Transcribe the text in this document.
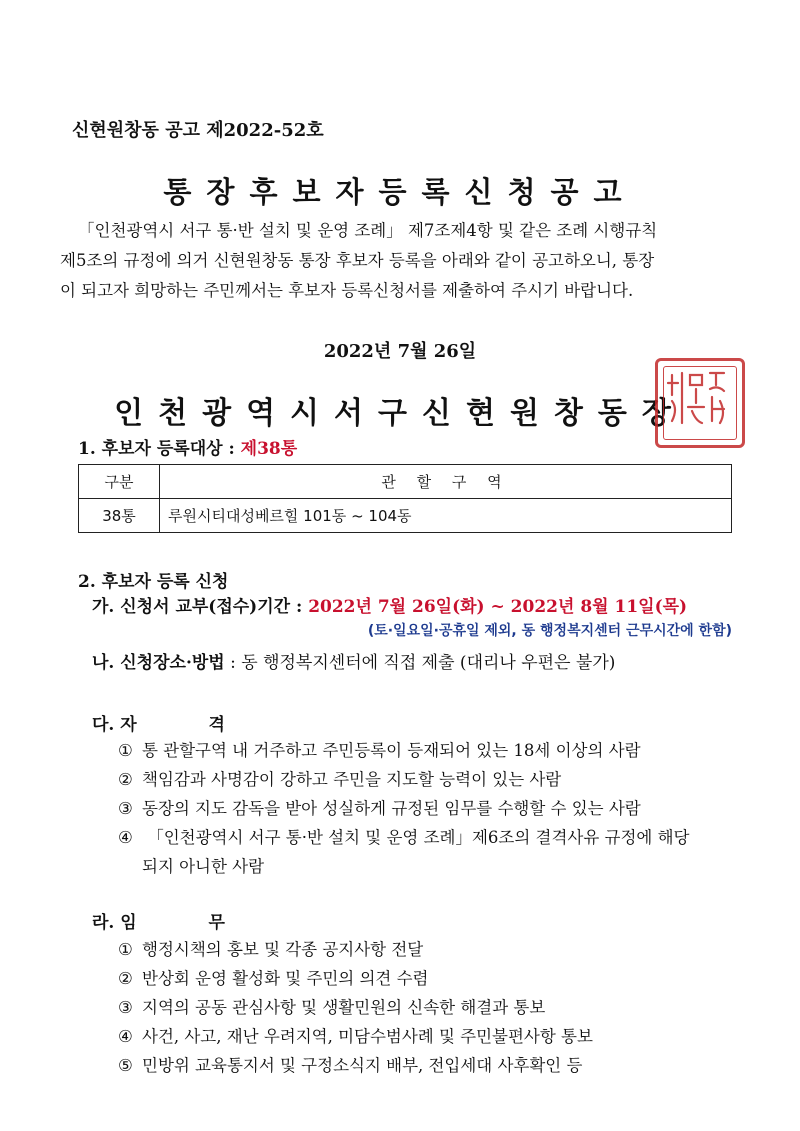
신현원창동 공고 제2022-52호
통장후보자등록신청공고
「인천광역시 서구 통·반 설치 및 운영 조례」 제7조제4항 및 같은 조례 시행규칙
제5조의 규정에 의거 신현원창동 통장 후보자 등록을 아래와 같이 공고하오니, 통장
이 되고자 희망하는 주민께서는 후보자 등록신청서를 제출하여 주시기 바랍니다.
2022년 7월 26일
인천광역시서구신현원창동장
1. 후보자 등록대상 : 제38통
구분	관 할 구 역
38통	루원시티대성베르힐 101동 ~ 104동
2. 후보자 등록 신청
가. 신청서 교부(접수)기간 : 2022년 7월 26일(화) ~ 2022년 8월 11일(목)
(토·일요일·공휴일 제외, 동 행정복지센터 근무시간에 한함)
나. 신청장소·방법 : 동 행정복지센터에 직접 제출 (대리나 우편은 불가)
다. 자	격
① 통 관할구역 내 거주하고 주민등록이 등재되어 있는 18세 이상의 사람
② 책임감과 사명감이 강하고 주민을 지도할 능력이 있는 사람
③ 동장의 지도 감독을 받아 성실하게 규정된 임무를 수행할 수 있는 사람
④ 「인천광역시 서구 통·반 설치 및 운영 조례」제6조의 결격사유 규정에 해당
되지 아니한 사람
라. 임	무
① 행정시책의 홍보 및 각종 공지사항 전달
② 반상회 운영 활성화 및 주민의 의견 수렴
③ 지역의 공동 관심사항 및 생활민원의 신속한 해결과 통보
④ 사건, 사고, 재난 우려지역, 미담수범사례 및 주민불편사항 통보
⑤ 민방위 교육통지서 및 구정소식지 배부, 전입세대 사후확인 등
